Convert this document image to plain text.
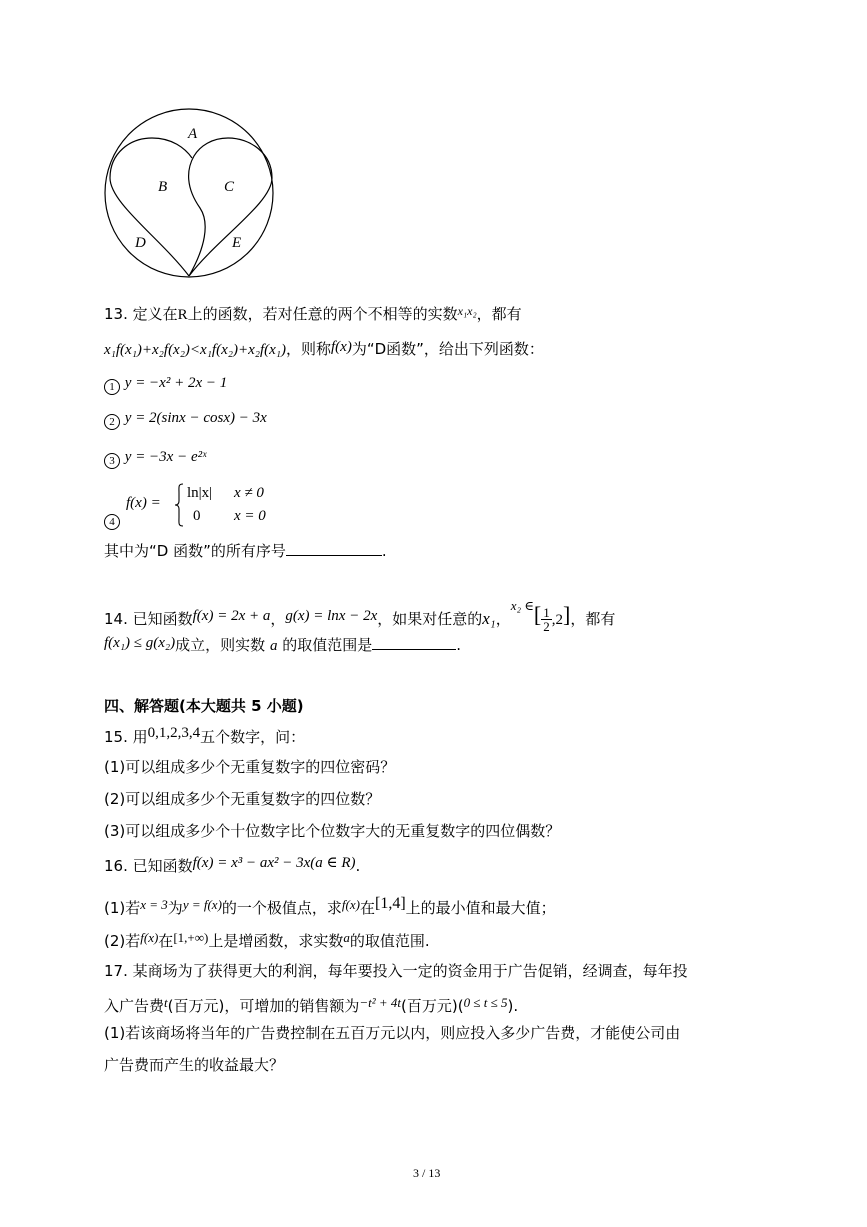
A
B	C
D	E
13. 定义在R上的函数，若对任意的两个不相等的实数$^{x_1x_2}$，都有
x₁f(x₁)+x₂f(x₂)<x₁f(x₂)+x₂f(x₁)，则称f(x)为“D函数”，给出下列函数：
1 y = −x² + 2x − 1
2 y = 2(sinx − cosx) − 3x
3 y = −3x − e²ˣ
4
f(x) =
ln|x| x ≠ 0
0 x = 0
其中为“D 函数”的所有序号	.
14. 已知函数f(x) = 2x + a，g(x) = lnx − 2x，如果对任意的x₁，x₂ ∈[ $\frac{1}{2} ,2$]，都有
f(x₁) ≤ g(x₂)成立，则实数 a 的取值范围是	.
四、解答题(本大题共 5 小题)
15. 用0,1,2,3,4五个数字，问：
(1)可以组成多少个无重复数字的四位密码？
(2)可以组成多少个无重复数字的四位数？
(3)可以组成多少个十位数字比个位数字大的无重复数字的四位偶数？
16. 已知函数f(x) = x³ − ax² − 3x(a ∈ R).
(1)若x = 3为y = f(x)的一个极值点，求f(x)在[1,4]上的最小值和最大值；
(2)若f(x)在[1,+∞)上是增函数，求实数a的取值范围.
17. 某商场为了获得更大的利润，每年要投入一定的资金用于广告促销，经调查，每年投
入广告费t(百万元)，可增加的销售额为−t² + 4t(百万元)(0 ≤ t ≤ 5).
(1)若该商场将当年的广告费控制在五百万元以内，则应投入多少广告费，才能使公司由
广告费而产生的收益最大？
3 / 13
